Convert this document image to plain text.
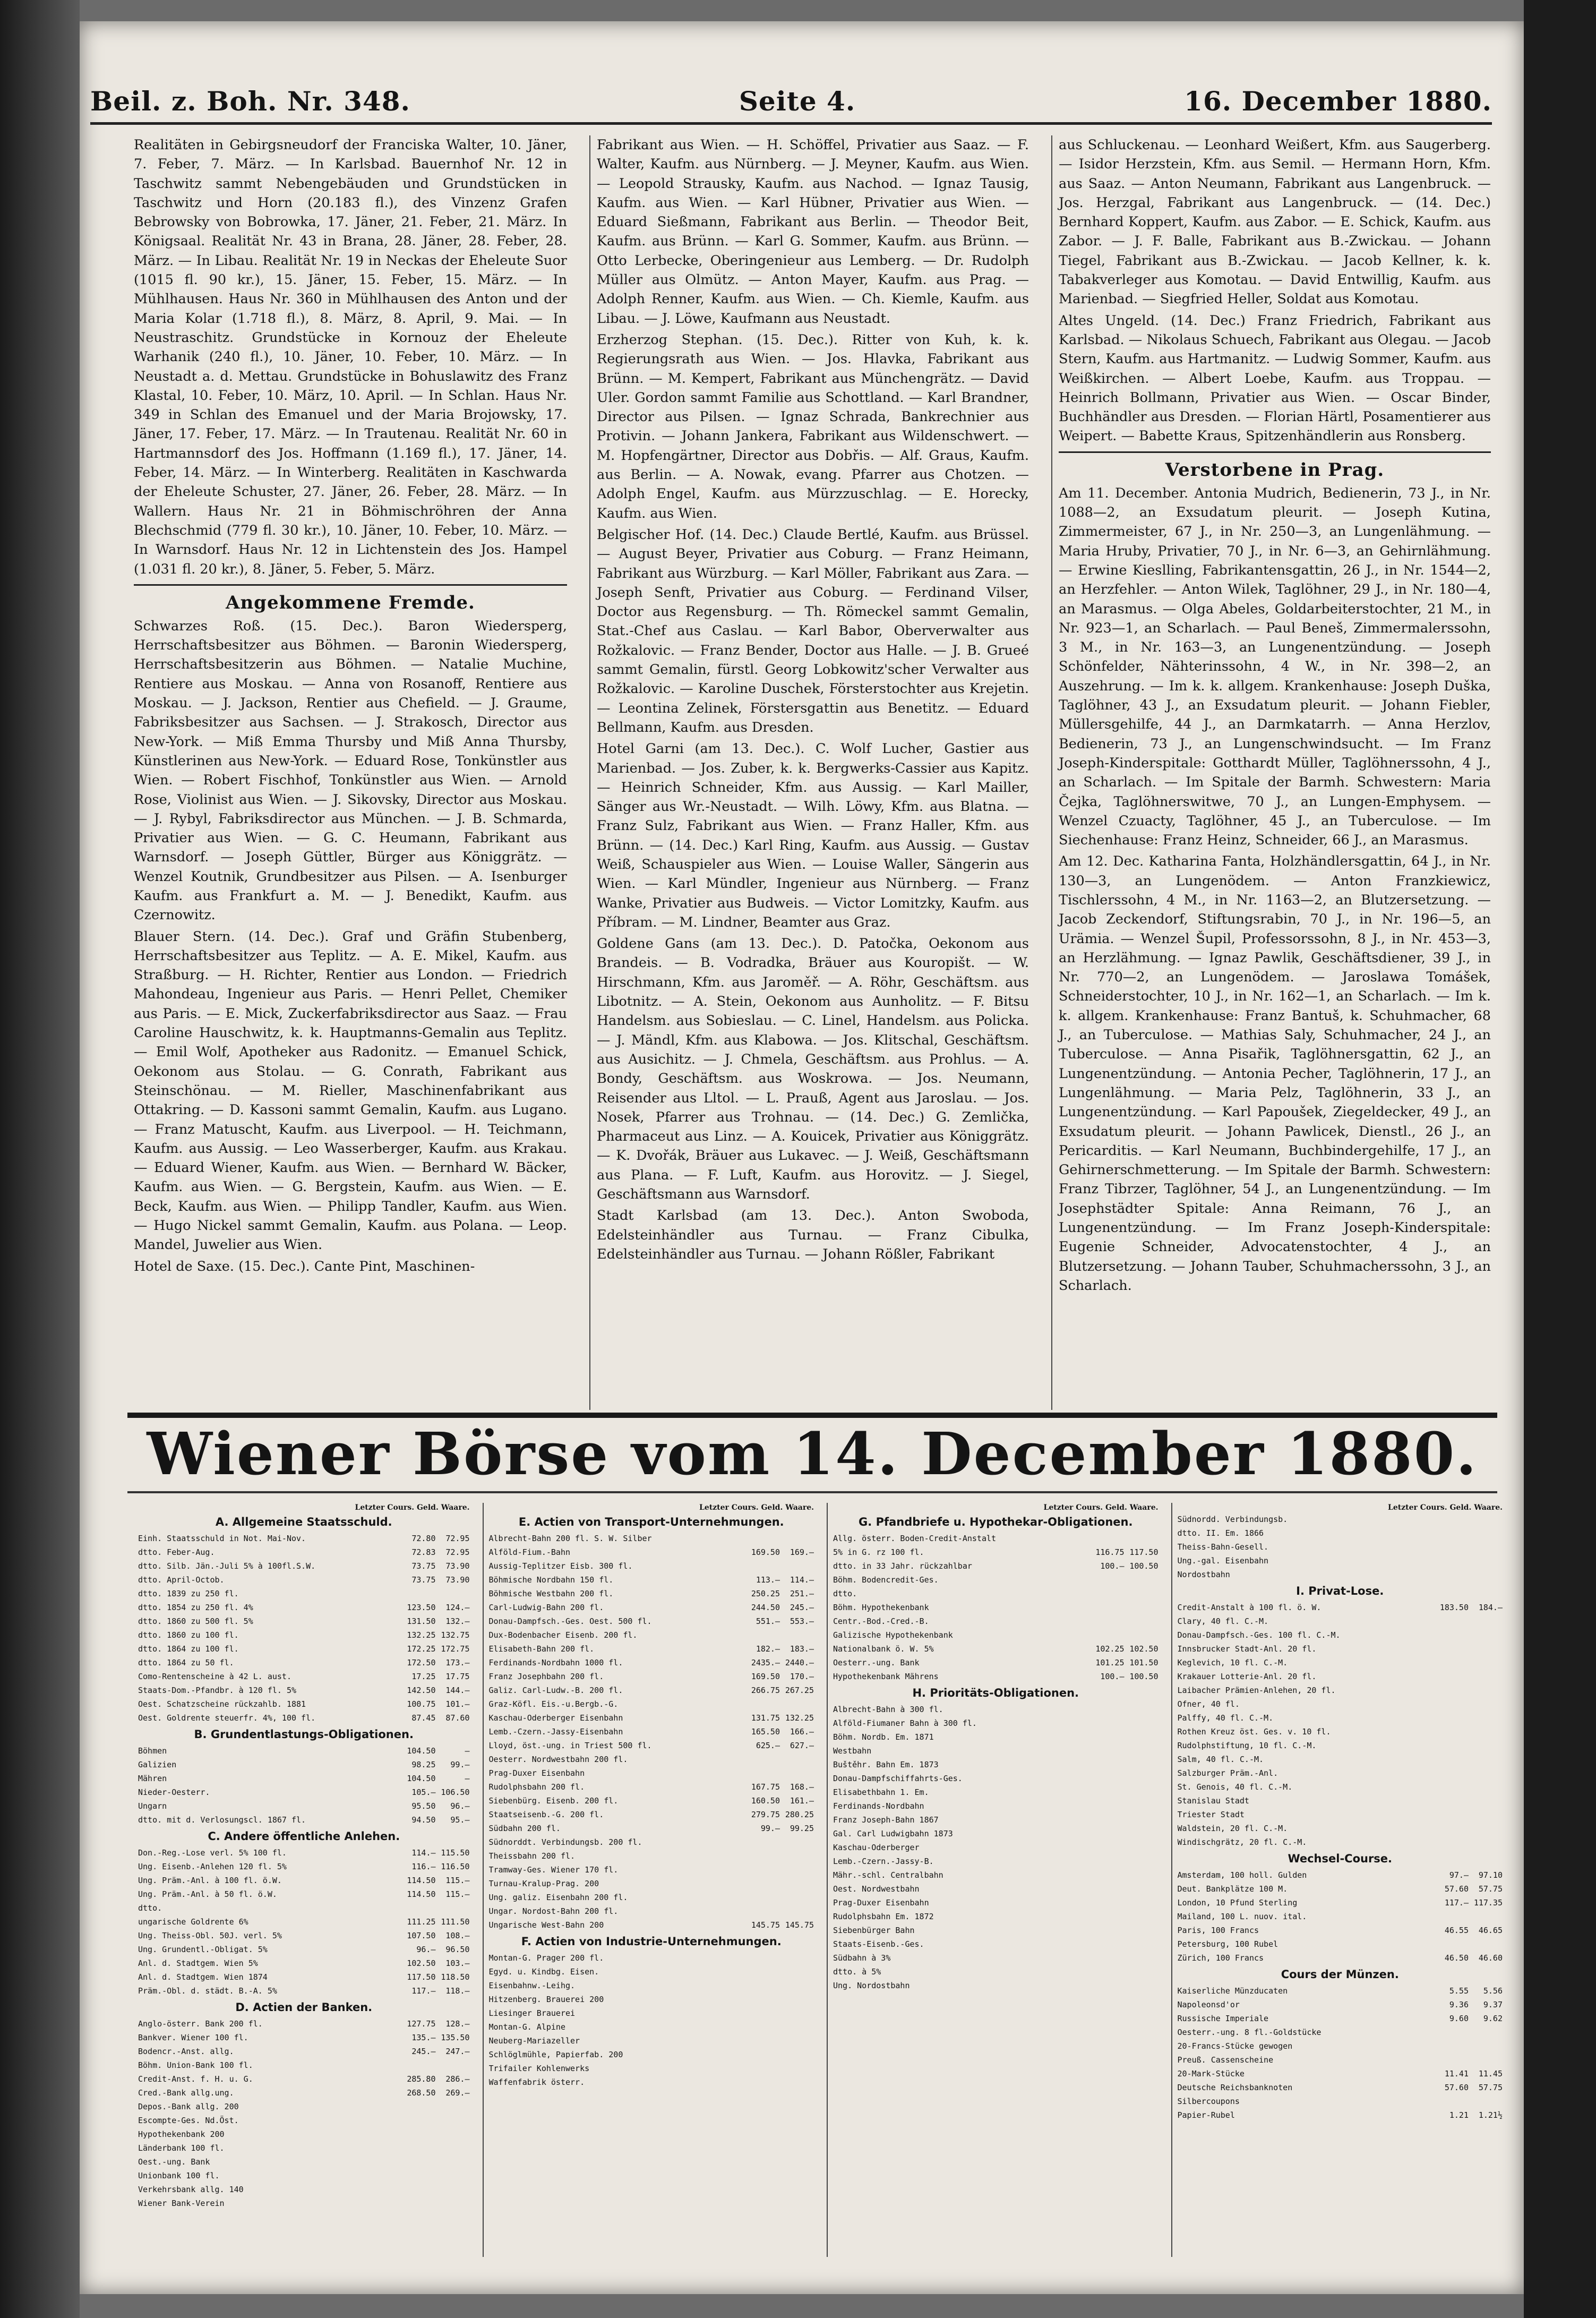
Beil. z. Boh. Nr. 348.	Seite 4.	16. December 1880.

Realitäten in Gebirgsneudorf der Franciska Walter, 10. Jäner, 7. Feber, 7. März. — In Karlsbad. Bauernhof Nr. 12 in Taschwitz sammt Nebengebäuden und Grundstücken in Taschwitz und Horn (20.183 fl.), des Vinzenz Grafen Bebrowsky von Bobrowka, 17. Jäner, 21. Feber, 21. März. In Königsaal. Realität Nr. 43 in Brana, 28. Jäner, 28. Feber, 28. März. — In Libau. Realität Nr. 19 in Neckas der Eheleute Suor (1015 fl. 90 kr.), 15. Jäner, 15. Feber, 15. März. — In Mühlhausen. Haus Nr. 360 in Mühlhausen des Anton und der Maria Kolar (1.718 fl.), 8. März, 8. April, 9. Mai. — In Neustraschitz. Grundstücke in Kornouz der Eheleute Warhanik (240 fl.), 10. Jäner, 10. Feber, 10. März. — In Neustadt a. d. Mettau. Grundstücke in Bohuslawitz des Franz Klastal, 10. Feber, 10. März, 10. April. — In Schlan. Haus Nr. 349 in Schlan des Emanuel und der Maria Brojowsky, 17. Jäner, 17. Feber, 17. März. — In Trautenau. Realität Nr. 60 in Hartmannsdorf des Jos. Hoffmann (1.169 fl.), 17. Jäner, 14. Feber, 14. März. — In Winterberg. Realitäten in Kaschwarda der Eheleute Schuster, 27. Jäner, 26. Feber, 28. März. — In Wallern. Haus Nr. 21 in Böhmischröhren der Anna Blechschmid (779 fl. 30 kr.), 10. Jäner, 10. Feber, 10. März. — In Warnsdorf. Haus Nr. 12 in Lichtenstein des Jos. Hampel (1.031 fl. 20 kr.), 8. Jäner, 5. Feber, 5. März.

Angekommene Fremde.

Schwarzes Roß. (15. Dec.). Baron Wiedersperg, Herrschaftsbesitzer aus Böhmen. — Baronin Wiedersperg, Herrschaftsbesitzerin aus Böhmen. — Natalie Muchine, Rentiere aus Moskau. — Anna von Rosanoff, Rentiere aus Moskau. — J. Jackson, Rentier aus Chefield. — J. Graume, Fabriksbesitzer aus Sachsen. — J. Strakosch, Director aus New-York. — Miß Emma Thursby und Miß Anna Thursby, Künstlerinen aus New-York. — Eduard Rose, Tonkünstler aus Wien. — Robert Fischhof, Tonkünstler aus Wien. — Arnold Rose, Violinist aus Wien. — J. Sikovsky, Director aus Moskau. — J. Rybyl, Fabriksdirector aus München. — J. B. Schmarda, Privatier aus Wien. — G. C. Heumann, Fabrikant aus Warnsdorf. — Joseph Güttler, Bürger aus Königgrätz. — Wenzel Koutnik, Grundbesitzer aus Pilsen. — A. Isenburger Kaufm. aus Frankfurt a. M. — J. Benedikt, Kaufm. aus Czernowitz.

Blauer Stern. (14. Dec.). Graf und Gräfin Stubenberg, Herrschaftsbesitzer aus Teplitz. — A. E. Mikel, Kaufm. aus Straßburg. — H. Richter, Rentier aus London. — Friedrich Mahondeau, Ingenieur aus Paris. — Henri Pellet, Chemiker aus Paris. — E. Mick, Zuckerfabriksdirector aus Saaz. — Frau Caroline Hauschwitz, k. k. Hauptmanns-Gemalin aus Teplitz. — Emil Wolf, Apotheker aus Radonitz. — Emanuel Schick, Oekonom aus Stolau. — G. Conrath, Fabrikant aus Steinschönau. — M. Rieller, Maschinenfabrikant aus Ottakring. — D. Kassoni sammt Gemalin, Kaufm. aus Lugano. — Franz Matuscht, Kaufm. aus Liverpool. — H. Teichmann, Kaufm. aus Aussig. — Leo Wasserberger, Kaufm. aus Krakau. — Eduard Wiener, Kaufm. aus Wien. — Bernhard W. Bäcker, Kaufm. aus Wien. — G. Bergstein, Kaufm. aus Wien. — E. Beck, Kaufm. aus Wien. — Philipp Tandler, Kaufm. aus Wien. — Hugo Nickel sammt Gemalin, Kaufm. aus Polana. — Leop. Mandel, Juwelier aus Wien.

Hotel de Saxe. (15. Dec.). Cante Pint, Maschinen-

Fabrikant aus Wien. — H. Schöffel, Privatier aus Saaz. — F. Walter, Kaufm. aus Nürnberg. — J. Meyner, Kaufm. aus Wien. — Leopold Strausky, Kaufm. aus Nachod. — Ignaz Tausig, Kaufm. aus Wien. — Karl Hübner, Privatier aus Wien. — Eduard Sießmann, Fabrikant aus Berlin. — Theodor Beit, Kaufm. aus Brünn. — Karl G. Sommer, Kaufm. aus Brünn. — Otto Lerbecke, Oberingenieur aus Lemberg. — Dr. Rudolph Müller aus Olmütz. — Anton Mayer, Kaufm. aus Prag. — Adolph Renner, Kaufm. aus Wien. — Ch. Kiemle, Kaufm. aus Libau. — J. Löwe, Kaufmann aus Neustadt.

Erzherzog Stephan. (15. Dec.). Ritter von Kuh, k. k. Regierungsrath aus Wien. — Jos. Hlavka, Fabrikant aus Brünn. — M. Kempert, Fabrikant aus Münchengrätz. — David Uler. Gordon sammt Familie aus Schottland. — Karl Brandner, Director aus Pilsen. — Ignaz Schrada, Bankrechnier aus Protivin. — Johann Jankera, Fabrikant aus Wildenschwert. — M. Hopfengärtner, Director aus Dobřis. — Alf. Graus, Kaufm. aus Berlin. — A. Nowak, evang. Pfarrer aus Chotzen. — Adolph Engel, Kaufm. aus Mürzzuschlag. — E. Horecky, Kaufm. aus Wien.

Belgischer Hof. (14. Dec.) Claude Bertlé, Kaufm. aus Brüssel. — August Beyer, Privatier aus Coburg. — Franz Heimann, Fabrikant aus Würzburg. — Karl Möller, Fabrikant aus Zara. — Joseph Senft, Privatier aus Coburg. — Ferdinand Vilser, Doctor aus Regensburg. — Th. Römeckel sammt Gemalin, Stat.-Chef aus Caslau. — Karl Babor, Oberverwalter aus Rožkalovic. — Franz Bender, Doctor aus Halle. — J. B. Grueé sammt Gemalin, fürstl. Georg Lobkowitz'scher Verwalter aus Rožkalovic. — Karoline Duschek, Försterstochter aus Krejetin. — Leontina Zelinek, Förstersgattin aus Benetitz. — Eduard Bellmann, Kaufm. aus Dresden.

Hotel Garni (am 13. Dec.). C. Wolf Lucher, Gastier aus Marienbad. — Jos. Zuber, k. k. Bergwerks-Cassier aus Kapitz. — Heinrich Schneider, Kfm. aus Aussig. — Karl Mailler, Sänger aus Wr.-Neustadt. — Wilh. Löwy, Kfm. aus Blatna. — Franz Sulz, Fabrikant aus Wien. — Franz Haller, Kfm. aus Brünn. — (14. Dec.) Karl Ring, Kaufm. aus Aussig. — Gustav Weiß, Schauspieler aus Wien. — Louise Waller, Sängerin aus Wien. — Karl Mündler, Ingenieur aus Nürnberg. — Franz Wanke, Privatier aus Budweis. — Victor Lomitzky, Kaufm. aus Příbram. — M. Lindner, Beamter aus Graz.

Goldene Gans (am 13. Dec.). D. Patočka, Oekonom aus Brandeis. — B. Vodradka, Bräuer aus Kouropišt. — W. Hirschmann, Kfm. aus Jaroměř. — A. Röhr, Geschäftsm. aus Libotnitz. — A. Stein, Oekonom aus Aunholitz. — F. Bitsu Handelsm. aus Sobieslau. — C. Linel, Handelsm. aus Policka. — J. Mändl, Kfm. aus Klabowa. — Jos. Klitschal, Geschäftsm. aus Ausichitz. — J. Chmela, Geschäftsm. aus Prohlus. — A. Bondy, Geschäftsm. aus Woskrowa. — Jos. Neumann, Reisender aus Lltol. — L. Prauß, Agent aus Jaroslau. — Jos. Nosek, Pfarrer aus Trohnau. — (14. Dec.) G. Zemlička, Pharmaceut aus Linz. — A. Kouicek, Privatier aus Königgrätz. — K. Dvořák, Bräuer aus Lukavec. — J. Weiß, Geschäftsmann aus Plana. — F. Luft, Kaufm. aus Horovitz. — J. Siegel, Geschäftsmann aus Warnsdorf.

Stadt Karlsbad (am 13. Dec.). Anton Swoboda, Edelsteinhändler aus Turnau. — Franz Cibulka, Edelsteinhändler aus Turnau. — Johann Rößler, Fabrikant

aus Schluckenau. — Leonhard Weißert, Kfm. aus Saugerberg. — Isidor Herzstein, Kfm. aus Semil. — Hermann Horn, Kfm. aus Saaz. — Anton Neumann, Fabrikant aus Langenbruck. — Jos. Herzgal, Fabrikant aus Langenbruck. — (14. Dec.) Bernhard Koppert, Kaufm. aus Zabor. — E. Schick, Kaufm. aus Zabor. — J. F. Balle, Fabrikant aus B.-Zwickau. — Johann Tiegel, Fabrikant aus B.-Zwickau. — Jacob Kellner, k. k. Tabakverleger aus Komotau. — David Entwillig, Kaufm. aus Marienbad. — Siegfried Heller, Soldat aus Komotau.

Altes Ungeld. (14. Dec.) Franz Friedrich, Fabrikant aus Karlsbad. — Nikolaus Schuech, Fabrikant aus Olegau. — Jacob Stern, Kaufm. aus Hartmanitz. — Ludwig Sommer, Kaufm. aus Weißkirchen. — Albert Loebe, Kaufm. aus Troppau. — Heinrich Bollmann, Privatier aus Wien. — Oscar Binder, Buchhändler aus Dresden. — Florian Härtl, Posamentierer aus Weipert. — Babette Kraus, Spitzenhändlerin aus Ronsberg.

Verstorbene in Prag.

Am 11. December. Antonia Mudrich, Bedienerin, 73 J., in Nr. 1088—2, an Exsudatum pleurit. — Joseph Kutina, Zimmermeister, 67 J., in Nr. 250—3, an Lungenlähmung. — Maria Hruby, Privatier, 70 J., in Nr. 6—3, an Gehirnlähmung. — Erwine Kieslling, Fabrikantensgattin, 26 J., in Nr. 1544—2, an Herzfehler. — Anton Wilek, Taglöhner, 29 J., in Nr. 180—4, an Marasmus. — Olga Abeles, Goldarbeiterstochter, 21 M., in Nr. 923—1, an Scharlach. — Paul Beneš, Zimmermalerssohn, 3 M., in Nr. 163—3, an Lungenentzündung. — Joseph Schönfelder, Nähterinssohn, 4 W., in Nr. 398—2, an Auszehrung. — Im k. k. allgem. Krankenhause: Joseph Duška, Taglöhner, 43 J., an Exsudatum pleurit. — Johann Fiebler, Müllersgehilfe, 44 J., an Darmkatarrh. — Anna Herzlov, Bedienerin, 73 J., an Lungenschwindsucht. — Im Franz Joseph-Kinderspitale: Gotthardt Müller, Taglöhnerssohn, 4 J., an Scharlach. — Im Spitale der Barmh. Schwestern: Maria Čejka, Taglöhnerswitwe, 70 J., an Lungen-Emphysem. — Wenzel Czuacty, Taglöhner, 45 J., an Tuberculose. — Im Siechenhause: Franz Heinz, Schneider, 66 J., an Marasmus.

Am 12. Dec. Katharina Fanta, Holzhändlersgattin, 64 J., in Nr. 130—3, an Lungenödem. — Anton Franzkiewicz, Tischlerssohn, 4 M., in Nr. 1163—2, an Blutzersetzung. — Jacob Zeckendorf, Stiftungsrabin, 70 J., in Nr. 196—5, an Urämia. — Wenzel Šupil, Professorssohn, 8 J., in Nr. 453—3, an Herzlähmung. — Ignaz Pawlik, Geschäftsdiener, 39 J., in Nr. 770—2, an Lungenödem. — Jaroslawa Tomášek, Schneiderstochter, 10 J., in Nr. 162—1, an Scharlach. — Im k. k. allgem. Krankenhause: Franz Bantuš, k. Schuhmacher, 68 J., an Tuberculose. — Mathias Saly, Schuhmacher, 24 J., an Tuberculose. — Anna Pisařik, Taglöhnersgattin, 62 J., an Lungenentzündung. — Antonia Pecher, Taglöhnerin, 17 J., an Lungenlähmung. — Maria Pelz, Taglöhnerin, 33 J., an Lungenentzündung. — Karl Papoušek, Ziegeldecker, 49 J., an Exsudatum pleurit. — Johann Pawlicek, Dienstl., 26 J., an Pericarditis. — Karl Neumann, Buchbindergehilfe, 17 J., an Gehirnerschmetterung. — Im Spitale der Barmh. Schwestern: Franz Tibrzer, Taglöhner, 54 J., an Lungenentzündung. — Im Josephstädter Spitale: Anna Reimann, 76 J., an Lungenentzündung. — Im Franz Joseph-Kinderspitale: Eugenie Schneider, Advocatenstochter, 4 J., an Blutzersetzung. — Johann Tauber, Schuhmacherssohn, 3 J., an Scharlach.

Wiener Börse vom 14. December 1880.
Letzter Cours. Geld. Waare.
A. Allgemeine Staatsschuld.
Einh. Staatsschuld in Not. Mai-Nov.	72.80	72.95
dtto. Feber-Aug.	72.83	72.95
dtto. Silb. Jän.-Juli 5% à 100fl.S.W.	73.75	73.90
dtto. April-Octob.	73.75	73.90
dtto. 1839 zu 250 fl.
dtto. 1854 zu 250 fl. 4%	123.50	124.—
dtto. 1860 zu 500 fl. 5%	131.50	132.—
dtto. 1860 zu 100 fl.	132.25 132.75
dtto. 1864 zu 100 fl.	172.25 172.75
dtto. 1864 zu 50 fl.	172.50	173.—
Como-Rentenscheine à 42 L. aust.	17.25	17.75
Staats-Dom.-Pfandbr. à 120 fl. 5%	142.50	144.—
Oest. Schatzscheine rückzahlb. 1881	100.75	101.—
Oest. Goldrente steuerfr. 4%, 100 fl.	87.45	87.60
B. Grundentlastungs-Obligationen.
Böhmen	104.50	—
Galizien	98.25	99.—
Mähren	104.50	—
Nieder-Oesterr.	105.— 106.50
Ungarn	95.50	96.—
dtto. mit d. Verlosungscl. 1867 fl.	94.50	95.—
C. Andere öffentliche Anlehen.
Don.-Reg.-Lose verl. 5% 100 fl.	114.— 115.50
Ung. Eisenb.-Anlehen 120 fl. 5%	116.— 116.50
Ung. Präm.-Anl. à 100 fl. ö.W.	114.50	115.—
Ung. Präm.-Anl. à 50 fl. ö.W.	114.50	115.—
dtto.
ungarische Goldrente 6%	111.25 111.50
Ung. Theiss-Obl. 50J. verl. 5%	107.50	108.—
Ung. Grundentl.-Obligat. 5%	96.—	96.50
Anl. d. Stadtgem. Wien 5%	102.50	103.—
Anl. d. Stadtgem. Wien 1874	117.50 118.50
Präm.-Obl. d. städt. B.-A. 5%	117.—	118.—
D. Actien der Banken.
Anglo-österr. Bank 200 fl.	127.75	128.—
Bankver. Wiener 100 fl.	135.— 135.50
Bodencr.-Anst. allg.	245.—	247.—
Böhm. Union-Bank 100 fl.
Credit-Anst. f. H. u. G.	285.80	286.—
Cred.-Bank allg.ung.	268.50	269.—
Depos.-Bank allg. 200
Escompte-Ges. Nd.Öst.
Hypothekenbank 200
Länderbank 100 fl.
Oest.-ung. Bank
Unionbank 100 fl.
Verkehrsbank allg. 140
Wiener Bank-Verein
Letzter Cours. Geld. Waare.
E. Actien von Transport-Unternehmungen.
Albrecht-Bahn 200 fl. S. W. Silber
Alföld-Fium.-Bahn	169.50	169.—
Aussig-Teplitzer Eisb. 300 fl.
Böhmische Nordbahn 150 fl.	113.—	114.—
Böhmische Westbahn 200 fl.	250.25	251.—
Carl-Ludwig-Bahn 200 fl.	244.50	245.—
Donau-Dampfsch.-Ges. Oest. 500 fl.	551.—	553.—
Dux-Bodenbacher Eisenb. 200 fl.
Elisabeth-Bahn 200 fl.	182.—	183.—
Ferdinands-Nordbahn 1000 fl.	2435.— 2440.—
Franz Josephbahn 200 fl.	169.50	170.—
Galiz. Carl-Ludw.-B. 200 fl.	266.75 267.25
Graz-Köfl. Eis.-u.Bergb.-G.
Kaschau-Oderberger Eisenbahn	131.75 132.25
Lemb.-Czern.-Jassy-Eisenbahn	165.50	166.—
Lloyd, öst.-ung. in Triest 500 fl.	625.—	627.—
Oesterr. Nordwestbahn 200 fl.
Prag-Duxer Eisenbahn
Rudolphsbahn 200 fl.	167.75	168.—
Siebenbürg. Eisenb. 200 fl.	160.50	161.—
Staatseisenb.-G. 200 fl.	279.75 280.25
Südbahn 200 fl.	99.—	99.25
Südnorddt. Verbindungsb. 200 fl.
Theissbahn 200 fl.
Tramway-Ges. Wiener 170 fl.
Turnau-Kralup-Prag. 200
Ung. galiz. Eisenbahn 200 fl.
Ungar. Nordost-Bahn 200 fl.
Ungarische West-Bahn 200	145.75 145.75
F. Actien von Industrie-Unternehmungen.
Montan-G. Prager 200 fl.
Egyd. u. Kindbg. Eisen.
Eisenbahnw.-Leihg.
Hitzenberg. Brauerei 200
Liesinger Brauerei
Montan-G. Alpine
Neuberg-Mariazeller
Schlöglmühle, Papierfab. 200
Trifailer Kohlenwerks
Waffenfabrik österr.
Letzter Cours. Geld. Waare.
G. Pfandbriefe u. Hypothekar-Obligationen.
Allg. österr. Boden-Credit-Anstalt
5% in G. rz 100 fl.	116.75 117.50
dtto. in 33 Jahr. rückzahlbar	100.— 100.50
Böhm. Bodencredit-Ges.
dtto.
Böhm. Hypothekenbank
Centr.-Bod.-Cred.-B.
Galizische Hypothekenbank
Nationalbank ö. W. 5%	102.25 102.50
Oesterr.-ung. Bank	101.25 101.50
Hypothekenbank Mährens	100.— 100.50
H. Prioritäts-Obligationen.
Albrecht-Bahn à 300 fl.
Alföld-Fiumaner Bahn à 300 fl.
Böhm. Nordb. Em. 1871
Westbahn
Buštěhr. Bahn Em. 1873
Donau-Dampfschiffahrts-Ges.
Elisabethbahn 1. Em.
Ferdinands-Nordbahn
Franz Joseph-Bahn 1867
Gal. Carl Ludwigbahn 1873
Kaschau-Oderberger
Lemb.-Czern.-Jassy-B.
Mähr.-schl. Centralbahn
Oest. Nordwestbahn
Prag-Duxer Eisenbahn
Rudolphsbahn Em. 1872
Siebenbürger Bahn
Staats-Eisenb.-Ges.
Südbahn à 3%
dtto. à 5%
Ung. Nordostbahn
Letzter Cours. Geld. Waare.
Südnordd. Verbindungsb.
dtto. II. Em. 1866
Theiss-Bahn-Gesell.
Ung.-gal. Eisenbahn
Nordostbahn
I. Privat-Lose.
Credit-Anstalt à 100 fl. ö. W.	183.50	184.—
Clary, 40 fl. C.-M.
Donau-Dampfsch.-Ges. 100 fl. C.-M.
Innsbrucker Stadt-Anl. 20 fl.
Keglevich, 10 fl. C.-M.
Krakauer Lotterie-Anl. 20 fl.
Laibacher Prämien-Anlehen, 20 fl.
Ofner, 40 fl.
Palffy, 40 fl. C.-M.
Rothen Kreuz öst. Ges. v. 10 fl.
Rudolphstiftung, 10 fl. C.-M.
Salm, 40 fl. C.-M.
Salzburger Präm.-Anl.
St. Genois, 40 fl. C.-M.
Stanislau Stadt
Triester Stadt
Waldstein, 20 fl. C.-M.
Windischgrätz, 20 fl. C.-M.
Wechsel-Course.
Amsterdam, 100 holl. Gulden	97.—	97.10
Deut. Bankplätze 100 M.	57.60	57.75
London, 10 Pfund Sterling	117.— 117.35
Mailand, 100 L. nuov. ital.
Paris, 100 Francs	46.55	46.65
Petersburg, 100 Rubel
Zürich, 100 Francs	46.50	46.60
Cours der Münzen.
Kaiserliche Münzducaten	5.55	5.56
Napoleonsd'or	9.36	9.37
Russische Imperiale	9.60	9.62
Oesterr.-ung. 8 fl.-Goldstücke
20-Francs-Stücke gewogen
Preuß. Cassenscheine
20-Mark-Stücke	11.41	11.45
Deutsche Reichsbanknoten	57.60	57.75
Silbercoupons
Papier-Rubel	1.21	1.21½
